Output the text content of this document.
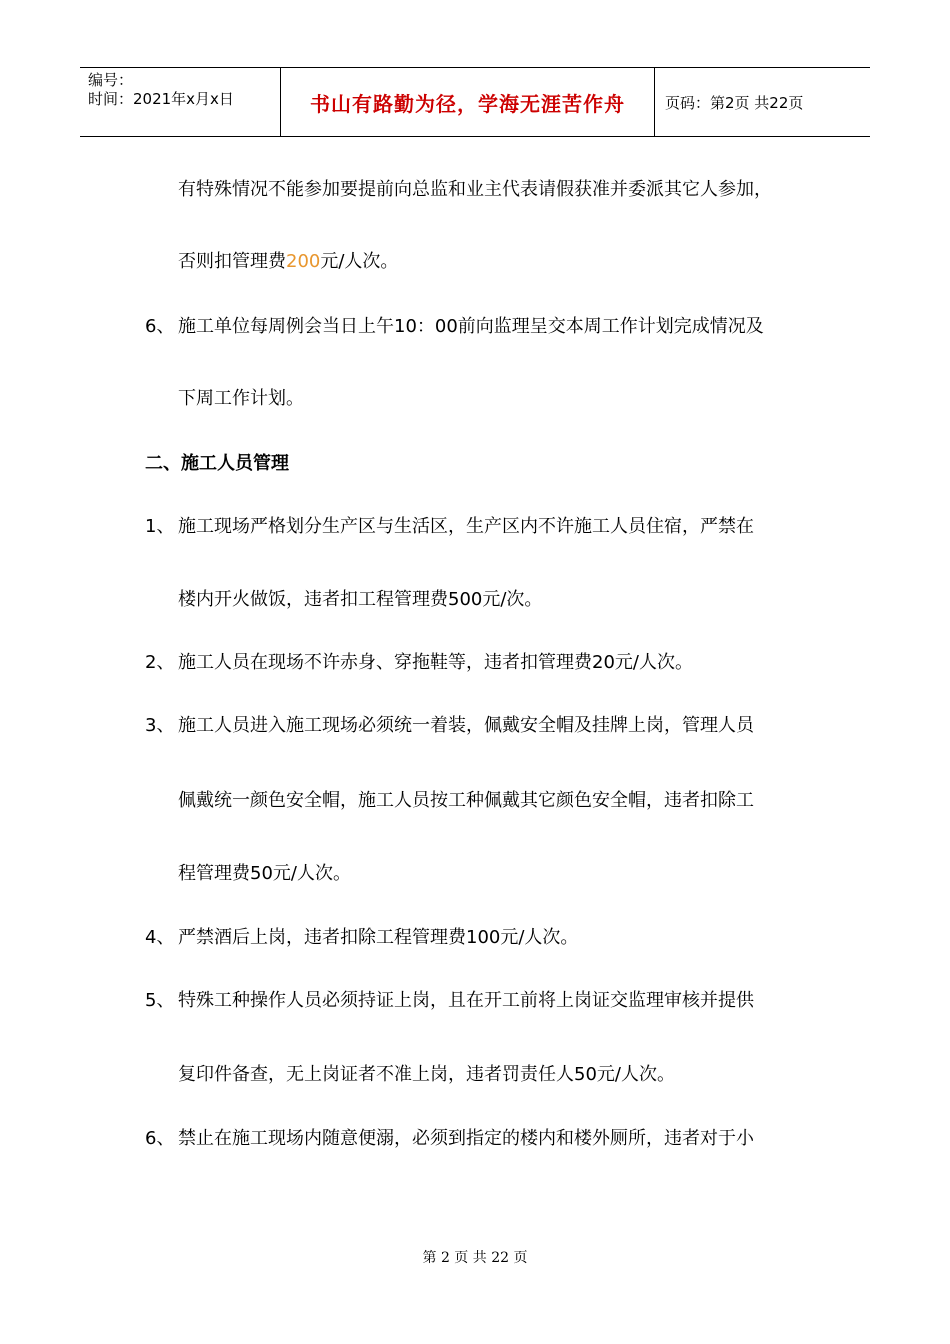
编号：
时间：2021年x月x日	书山有路勤为径，学海无涯苦作舟	页码：第2页 共22页
有特殊情况不能参加要提前向总监和业主代表请假获准并委派其它人参加，
否则扣管理费200元/人次。
6、 施工单位每周例会当日上午10：00前向监理呈交本周工作计划完成情况及
下周工作计划。
二、施工人员管理
1、 施工现场严格划分生产区与生活区，生产区内不许施工人员住宿，严禁在
楼内开火做饭，违者扣工程管理费500元/次。
2、 施工人员在现场不许赤身、穿拖鞋等，违者扣管理费20元/人次。
3、 施工人员进入施工现场必须统一着装，佩戴安全帽及挂牌上岗，管理人员
佩戴统一颜色安全帽，施工人员按工种佩戴其它颜色安全帽，违者扣除工
程管理费50元/人次。
4、 严禁酒后上岗，违者扣除工程管理费100元/人次。
5、 特殊工种操作人员必须持证上岗，且在开工前将上岗证交监理审核并提供
复印件备查，无上岗证者不准上岗，违者罚责任人50元/人次。
6、 禁止在施工现场内随意便溺，必须到指定的楼内和楼外厕所，违者对于小
第 2 页 共 22 页
